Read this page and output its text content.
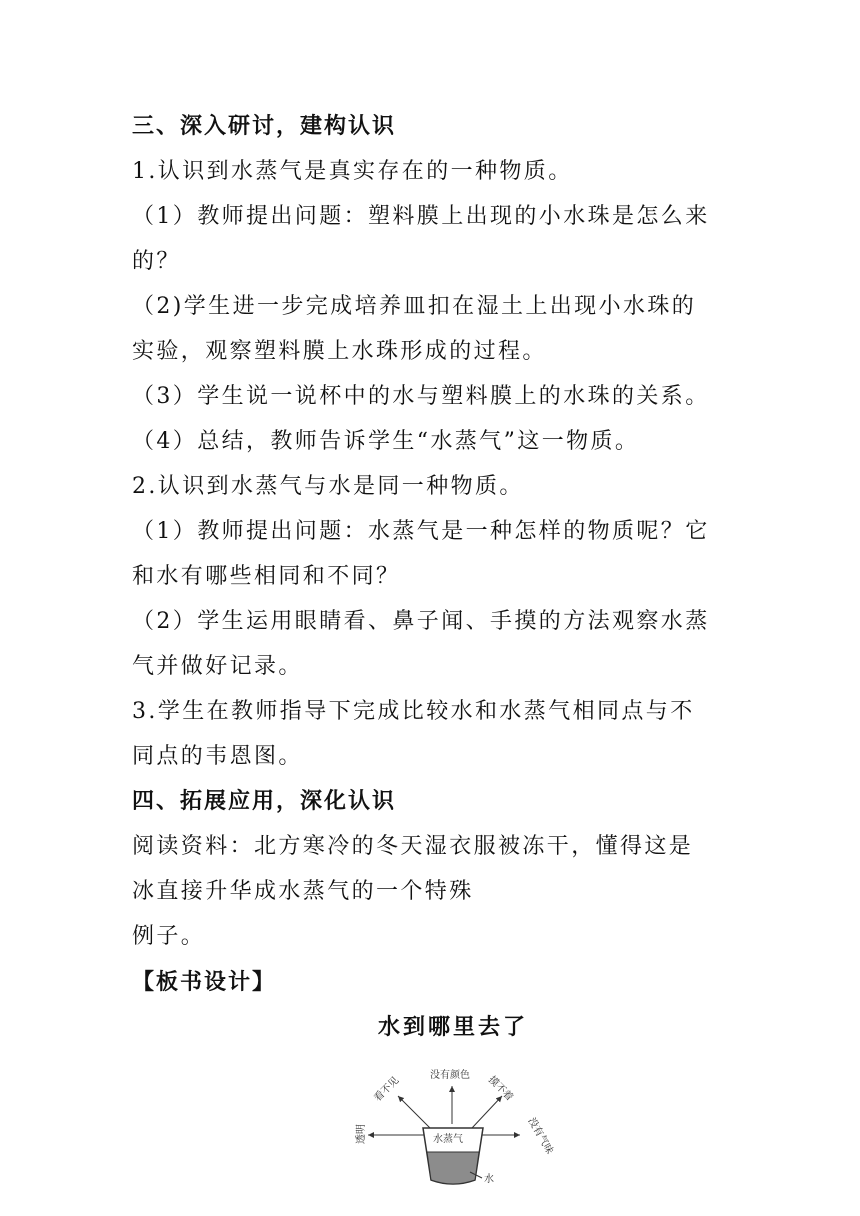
三、深入研讨，建构认识
1.认识到水蒸气是真实存在的一种物质。
（1）教师提出问题：塑料膜上出现的小水珠是怎么来
的？
（2)学生进一步完成培养皿扣在湿土上出现小水珠的
实验，观察塑料膜上水珠形成的过程。
（3）学生说一说杯中的水与塑料膜上的水珠的关系。
（4）总结，教师告诉学生“水蒸气”这一物质。
2.认识到水蒸气与水是同一种物质。
（1）教师提出问题：水蒸气是一种怎样的物质呢？它
和水有哪些相同和不同？
（2）学生运用眼睛看、鼻子闻、手摸的方法观察水蒸
气并做好记录。
3.学生在教师指导下完成比较水和水蒸气相同点与不
同点的韦恩图。
四、拓展应用，深化认识
阅读资料：北方寒冷的冬天湿衣服被冻干，懂得这是
冰直接升华成水蒸气的一个特殊
例子。
【板书设计】
水到哪里去了
水蒸气
水
透明
看不见	没有颜色 摸不着
没有气味
